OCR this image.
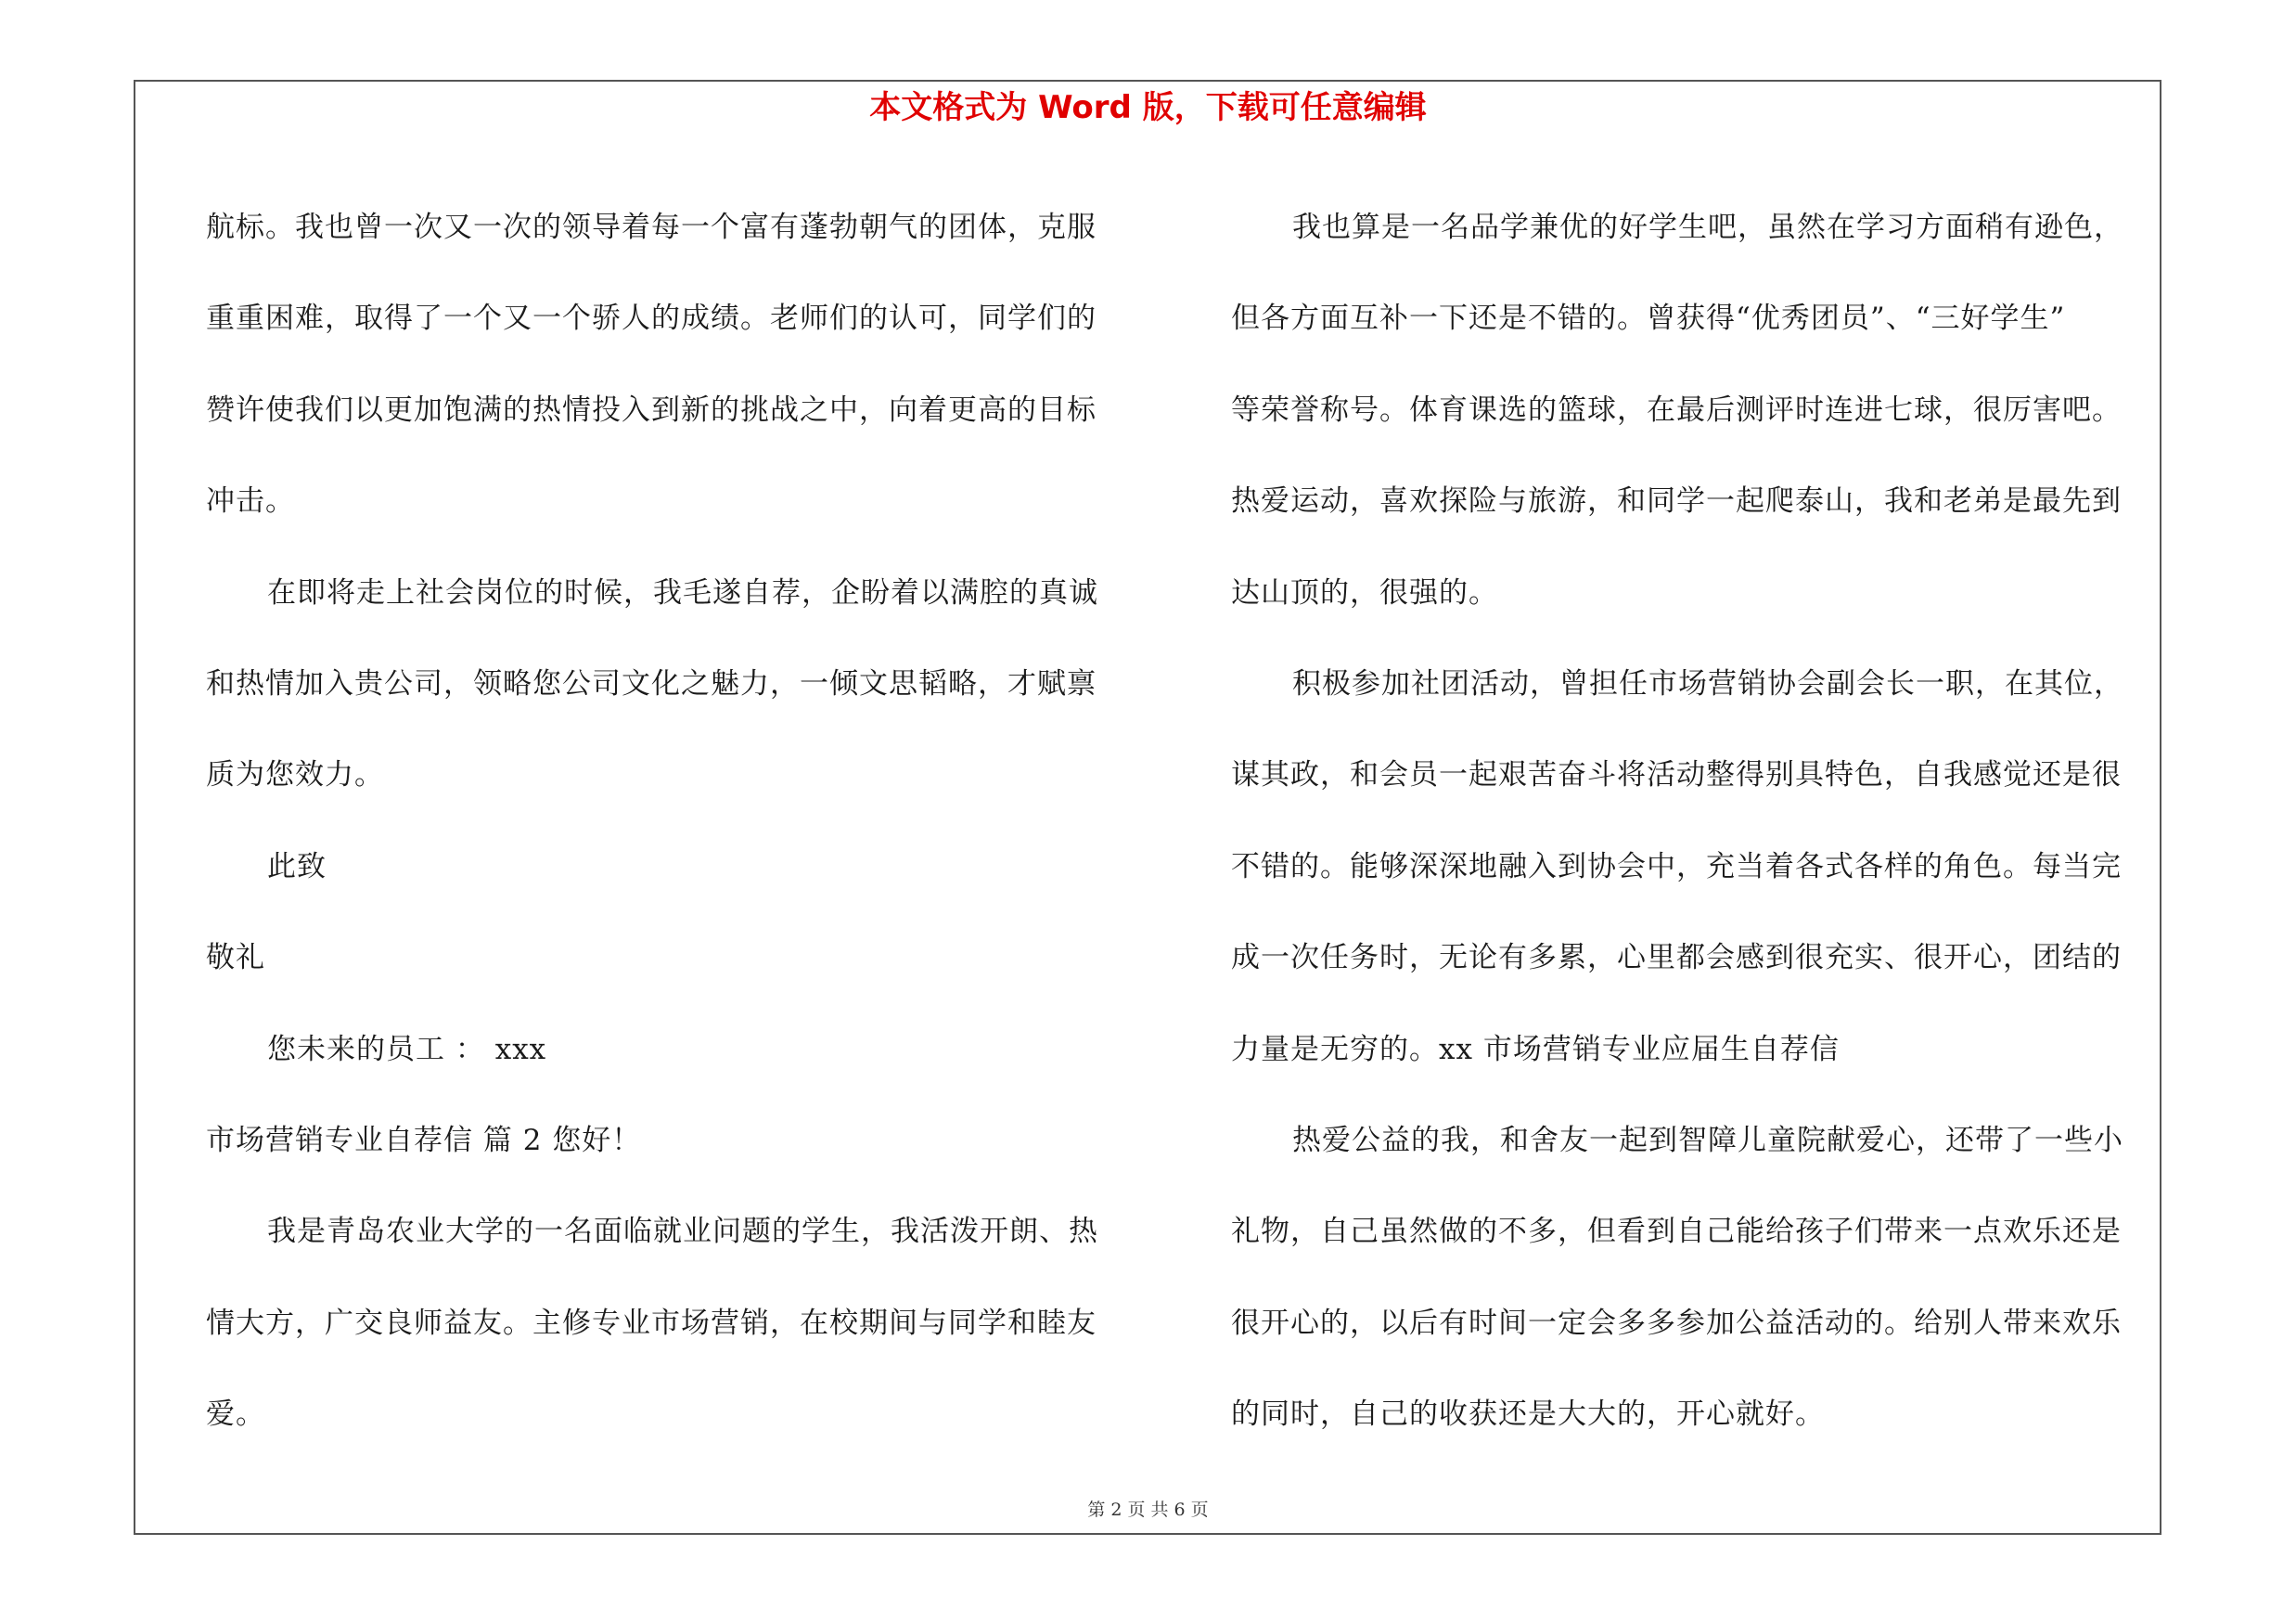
本文格式为 Word 版，下载可任意编辑
航标。我也曾一次又一次的领导着每一个富有蓬勃朝气的团体，克服
重重困难，取得了一个又一个骄人的成绩。老师们的认可，同学们的
赞许使我们以更加饱满的热情投入到新的挑战之中，向着更高的目标
冲击。
在即将走上社会岗位的时候，我毛遂自荐，企盼着以满腔的真诚
和热情加入贵公司，领略您公司文化之魅力，一倾文思韬略，才赋禀
质为您效力。
此致
敬礼
您未来的员工 ： xxx
市场营销专业自荐信 篇 2 您好！
我是青岛农业大学的一名面临就业问题的学生，我活泼开朗、热
情大方，广交良师益友。主修专业市场营销，在校期间与同学和睦友
爱。
我也算是一名品学兼优的好学生吧，虽然在学习方面稍有逊色，
但各方面互补一下还是不错的。曾获得“优秀团员”、“三好学生”
等荣誉称号。体育课选的篮球，在最后测评时连进七球，很厉害吧。
热爱运动，喜欢探险与旅游，和同学一起爬泰山，我和老弟是最先到
达山顶的，很强的。
积极参加社团活动，曾担任市场营销协会副会长一职，在其位，
谋其政，和会员一起艰苦奋斗将活动整得别具特色，自我感觉还是很
不错的。能够深深地融入到协会中，充当着各式各样的角色。每当完
成一次任务时，无论有多累，心里都会感到很充实、很开心，团结的
力量是无穷的。xx 市场营销专业应届生自荐信
热爱公益的我，和舍友一起到智障儿童院献爱心，还带了一些小
礼物，自己虽然做的不多，但看到自己能给孩子们带来一点欢乐还是
很开心的，以后有时间一定会多多参加公益活动的。给别人带来欢乐
的同时，自己的收获还是大大的，开心就好。
第 2 页 共 6 页
